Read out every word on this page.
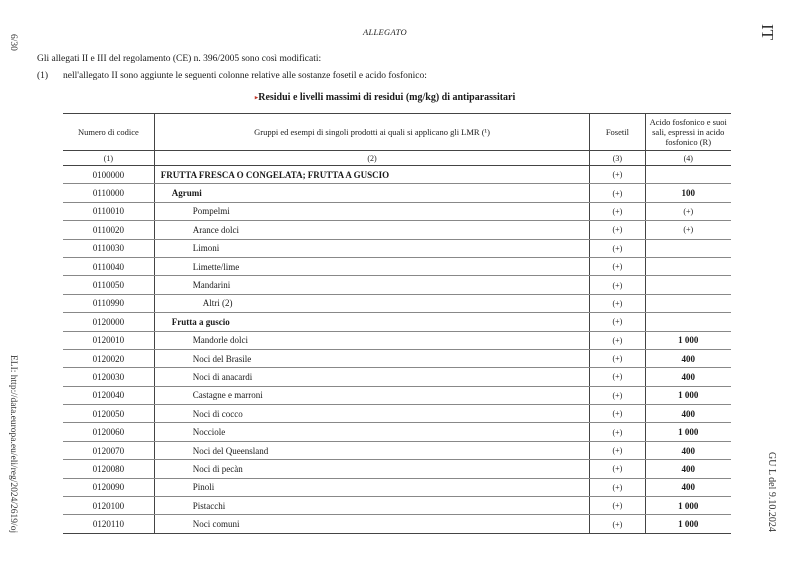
6/30
ELI: http://data.europa.eu/eli/reg/2024/2619/oj
IT
GU L del 9.10.2024
ALLEGATO
Gli allegati II e III del regolamento (CE) n. 396/2005 sono così modificati:
(1) nell'allegato II sono aggiunte le seguenti colonne relative alle sostanze fosetil e acido fosfonico:
▸Residui e livelli massimi di residui (mg/kg) di antiparassitari
Numero di codice	Gruppi ed esempi di singoli prodotti ai quali si applicano gli LMR (¹)	Fosetil	Acido fosfonico e suoi sali, espressi in acido fosfonico (R)
(1)	(2)	(3)	(4)
0100000	FRUTTA FRESCA O CONGELATA; FRUTTA A GUSCIO	(+)	
0110000	Agrumi	(+)	100
0110010	Pompelmi	(+)	(+)
0110020	Arance dolci	(+)	(+)
0110030	Limoni	(+)	
0110040	Limette/lime	(+)	
0110050	Mandarini	(+)	
0110990	Altri (2)	(+)	
0120000	Frutta a guscio	(+)	
0120010	Mandorle dolci	(+)	1 000
0120020	Noci del Brasile	(+)	400
0120030	Noci di anacardi	(+)	400
0120040	Castagne e marroni	(+)	1 000
0120050	Noci di cocco	(+)	400
0120060	Nocciole	(+)	1 000
0120070	Noci del Queensland	(+)	400
0120080	Noci di pecàn	(+)	400
0120090	Pinoli	(+)	400
0120100	Pistacchi	(+)	1 000
0120110	Noci comuni	(+)	1 000
